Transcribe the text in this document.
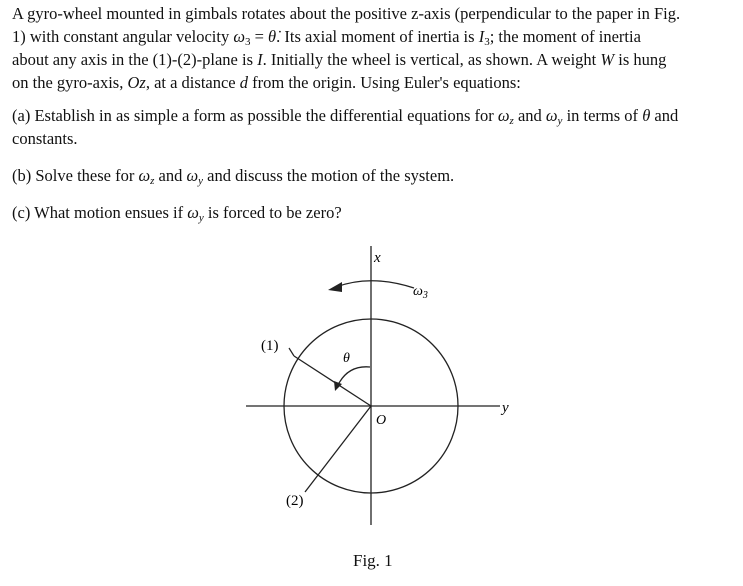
A gyro-wheel mounted in gimbals rotates about the positive z-axis (perpendicular to the paper in Fig.
1) with constant angular velocity $\omega_3$ = θ̇. Its axial moment of inertia is $I_3$; the moment of inertia
about any axis in the (1)-(2)-plane is I. Initially the wheel is vertical, as shown. A weight W is hung
on the gyro-axis, Oz, at a distance d from the origin. Using Euler's equations:

(a) Establish in as simple a form as possible the differential equations for $\omega_z$ and $\omega_y$ in terms of θ and
constants.

(b) Solve these for $\omega_z$ and $\omega_y$ and discuss the motion of the system.

(c) What motion ensues if $\omega_y$ is forced to be zero?

x
y
$\omega_3$
θ
O
(1)
(2)
Fig. 1
